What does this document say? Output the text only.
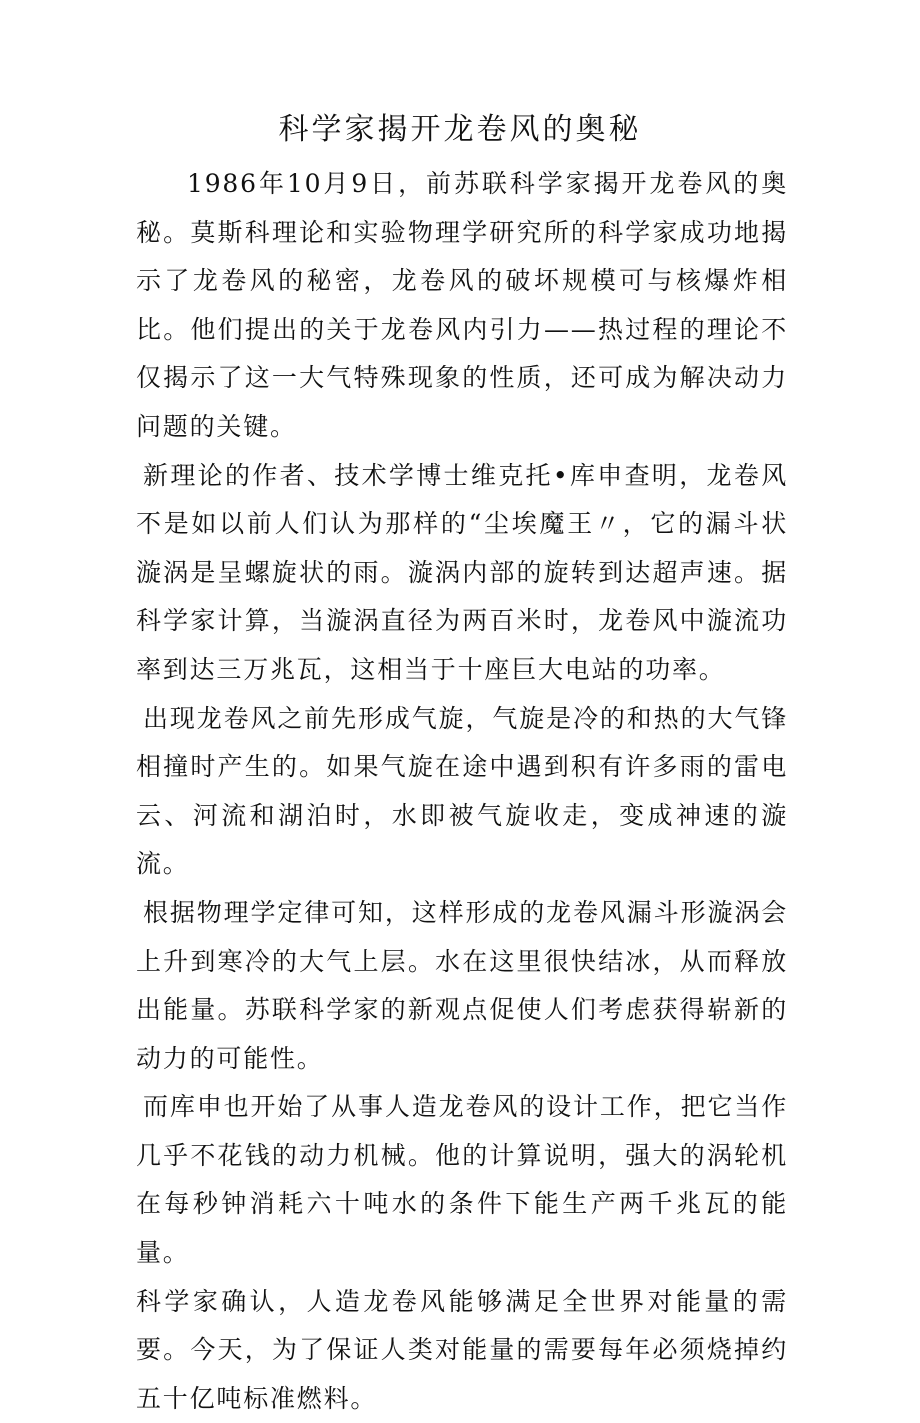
科学家揭开龙卷风的奥秘

1986年10月9日，前苏联科学家揭开龙卷风的奥秘。莫斯科理论和实验物理学研究所的科学家成功地揭示了龙卷风的秘密，龙卷风的破坏规模可与核爆炸相比。他们提出的关于龙卷风内引力——热过程的理论不仅揭示了这一大气特殊现象的性质，还可成为解决动力问题的关键。

新理论的作者、技术学博士维克托•库申查明，龙卷风不是如以前人们认为那样的“尘埃魔王〃，它的漏斗状漩涡是呈螺旋状的雨。漩涡内部的旋转到达超声速。据科学家计算，当漩涡直径为两百米时，龙卷风中漩流功率到达三万兆瓦，这相当于十座巨大电站的功率。

出现龙卷风之前先形成气旋，气旋是冷的和热的大气锋相撞时产生的。如果气旋在途中遇到积有许多雨的雷电云、河流和湖泊时，水即被气旋收走，变成神速的漩流。

根据物理学定律可知，这样形成的龙卷风漏斗形漩涡会上升到寒冷的大气上层。水在这里很快结冰，从而释放出能量。苏联科学家的新观点促使人们考虑获得崭新的动力的可能性。

而库申也开始了从事人造龙卷风的设计工作，把它当作几乎不花钱的动力机械。他的计算说明，强大的涡轮机在每秒钟消耗六十吨水的条件下能生产两千兆瓦的能量。

科学家确认，人造龙卷风能够满足全世界对能量的需要。今天，为了保证人类对能量的需要每年必须烧掉约五十亿吨标准燃料。
